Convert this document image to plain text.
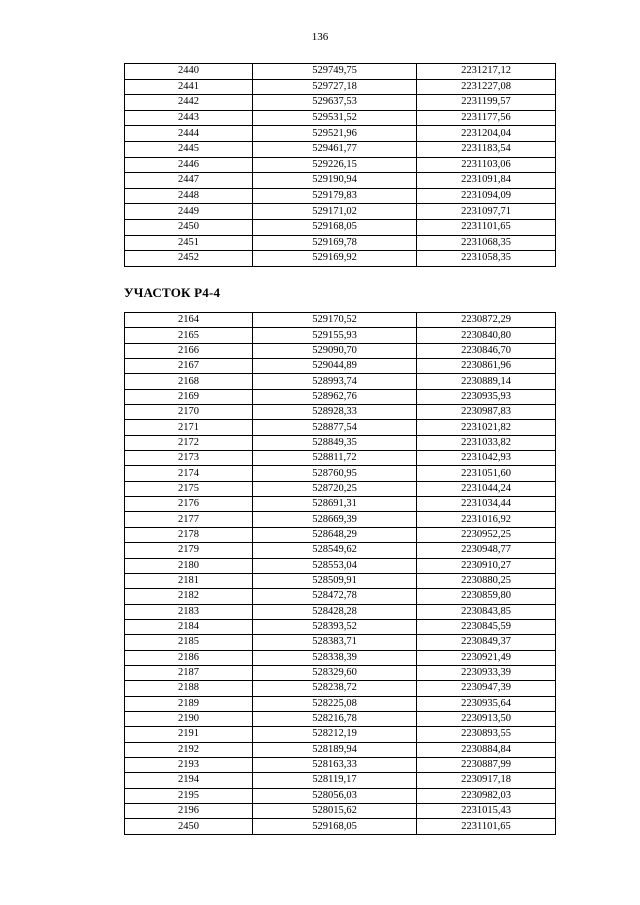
136
2440	529749,75	2231217,12
2441	529727,18	2231227,08
2442	529637,53	2231199,57
2443	529531,52	2231177,56
2444	529521,96	2231204,04
2445	529461,77	2231183,54
2446	529226,15	2231103,06
2447	529190,94	2231091,84
2448	529179,83	2231094,09
2449	529171,02	2231097,71
2450	529168,05	2231101,65
2451	529169,78	2231068,35
2452	529169,92	2231058,35
УЧАСТОК Р4-4
2164	529170,52	2230872,29
2165	529155,93	2230840,80
2166	529090,70	2230846,70
2167	529044,89	2230861,96
2168	528993,74	2230889,14
2169	528962,76	2230935,93
2170	528928,33	2230987,83
2171	528877,54	2231021,82
2172	528849,35	2231033,82
2173	528811,72	2231042,93
2174	528760,95	2231051,60
2175	528720,25	2231044,24
2176	528691,31	2231034,44
2177	528669,39	2231016,92
2178	528648,29	2230952,25
2179	528549,62	2230948,77
2180	528553,04	2230910,27
2181	528509,91	2230880,25
2182	528472,78	2230859,80
2183	528428,28	2230843,85
2184	528393,52	2230845,59
2185	528383,71	2230849,37
2186	528338,39	2230921,49
2187	528329,60	2230933,39
2188	528238,72	2230947,39
2189	528225,08	2230935,64
2190	528216,78	2230913,50
2191	528212,19	2230893,55
2192	528189,94	2230884,84
2193	528163,33	2230887,99
2194	528119,17	2230917,18
2195	528056,03	2230982,03
2196	528015,62	2231015,43
2450	529168,05	2231101,65
